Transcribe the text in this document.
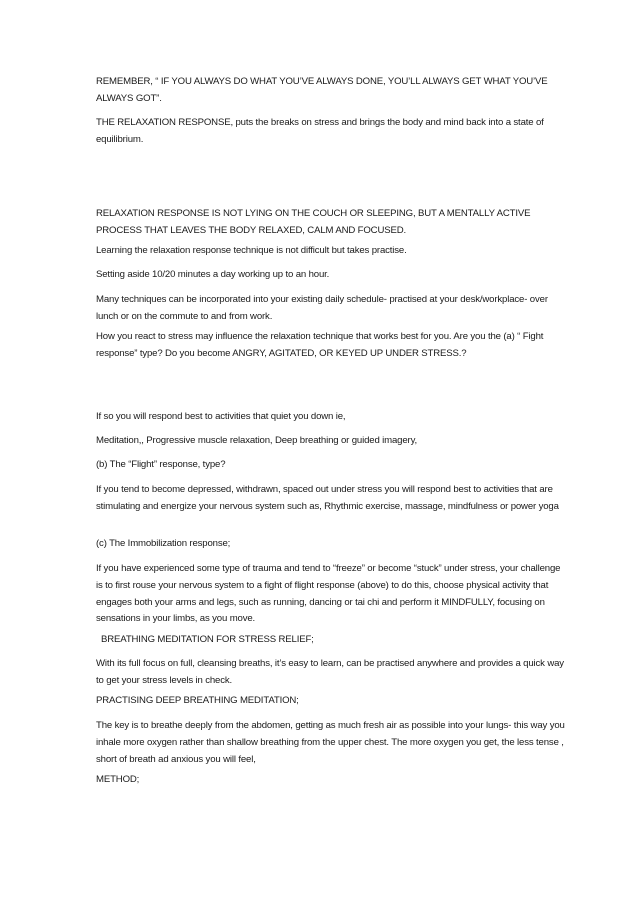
REMEMBER, “ IF YOU ALWAYS DO WHAT YOU’VE ALWAYS DONE, YOU’LL ALWAYS GET WHAT YOU’VE ALWAYS GOT”.

THE RELAXATION RESPONSE, puts the breaks on stress and brings the body and mind back into a state of equilibrium.

RELAXATION RESPONSE IS NOT LYING ON THE COUCH OR SLEEPING, BUT A MENTALLY ACTIVE PROCESS THAT LEAVES THE BODY RELAXED, CALM AND FOCUSED.

Learning the relaxation response technique is not difficult but takes practise.

Setting aside 10/20 minutes a day working up to an hour.

Many techniques can be incorporated into your existing daily schedule- practised at your desk/workplace- over lunch or on the commute to and from work.

How you react to stress may influence the relaxation technique that works best for you. Are you the (a) “ Fight response” type? Do you become ANGRY, AGITATED, OR KEYED UP UNDER STRESS.?

If so you will respond best to activities that quiet you down ie,

Meditation,, Progressive muscle relaxation, Deep breathing or guided imagery,

(b) The “Flight” response, type?

If you tend to become depressed, withdrawn, spaced out under stress you will respond best to activities that are stimulating and energize your nervous system such as, Rhythmic exercise, massage, mindfulness or power yoga

(c) The Immobilization response;

If you have experienced some type of trauma and tend to “freeze” or become “stuck” under stress, your challenge is to first rouse your nervous system to a fight of flight response (above) to do this, choose physical activity that engages both your arms and legs, such as running, dancing or tai chi and perform it MINDFULLY, focusing on sensations in your limbs, as you move.

BREATHING MEDITATION FOR STRESS RELIEF;

With its full focus on full, cleansing breaths, it’s easy to learn, can be practised anywhere and provides a quick way to get your stress levels in check.

PRACTISING DEEP BREATHING MEDITATION;

The key is to breathe deeply from the abdomen, getting as much fresh air as possible into your lungs- this way you inhale more oxygen rather than shallow breathing from the upper chest. The more oxygen you get, the less tense , short of breath ad anxious you will feel,

METHOD;
